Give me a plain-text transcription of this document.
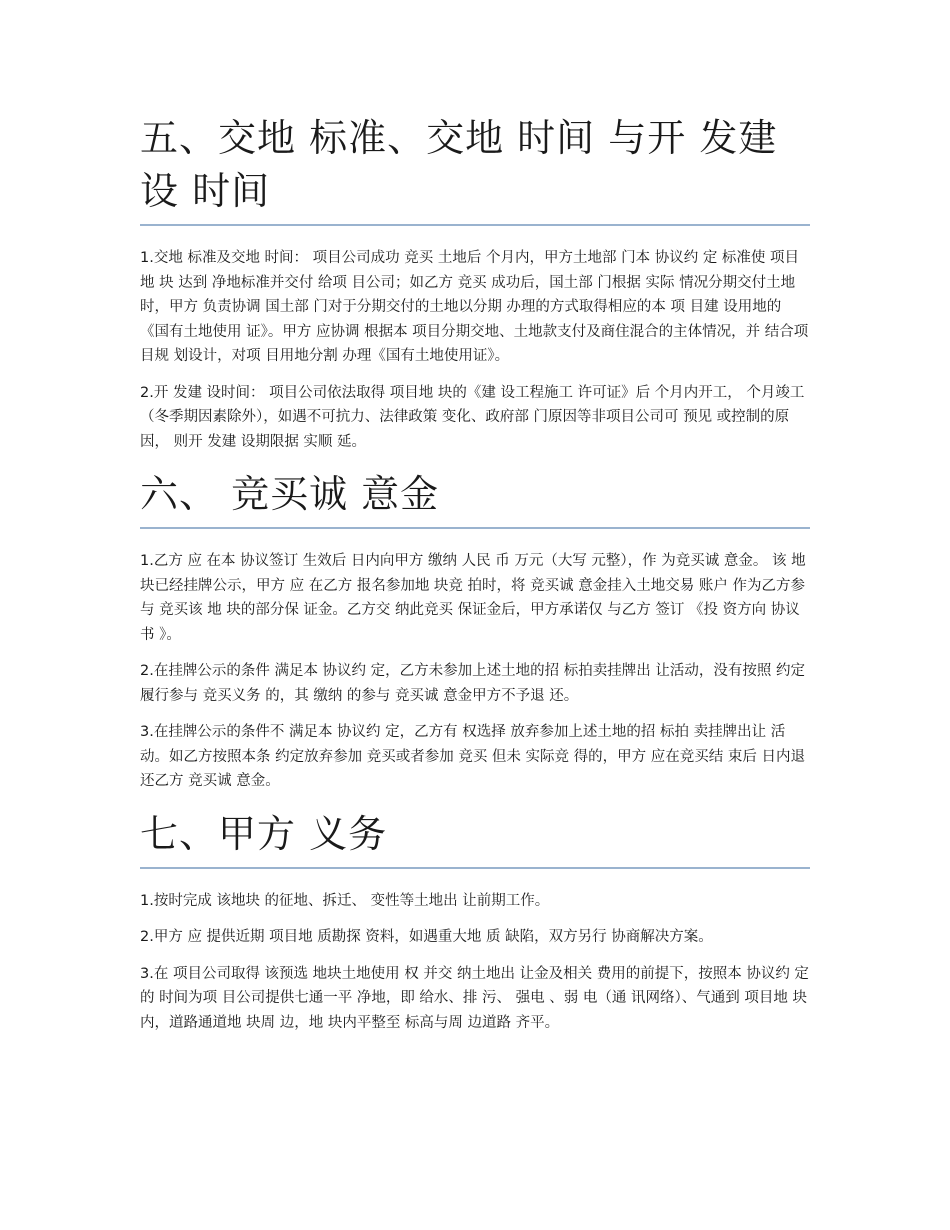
五、交地 标准、交地 时间 与开 发建设 时间

1.交地 标准及交地 时间： 项目公司成功 竞买 土地后 个月内，甲方土地部 门本 协议约 定 标准使 项目地 块 达到 净地标准并交付 给项 目公司；如乙方 竞买 成功后，国土部 门根据 实际 情况分期交付土地 时，甲方 负责协调 国土部 门对于分期交付的土地以分期 办理的方式取得相应的本 项 目建 设用地的《国有土地使用 证》。甲方 应协调 根据本 项目分期交地、土地款支付及商住混合的主体情况，并 结合项目规 划设计，对项 目用地分割 办理《国有土地使用证》。

2.开 发建 设时间： 项目公司依法取得 项目地 块的《建 设工程施工 许可证》后 个月内开工， 个月竣工（冬季期因素除外），如遇不可抗力、法律政策 变化、政府部 门原因等非项目公司可 预见 或控制的原因， 则开 发建 设期限据 实顺 延。

六、 竞买诚 意金

1.乙方 应 在本 协议签订 生效后 日内向甲方 缴纳 人民 币 万元（大写 元整），作 为竞买诚 意金。 该 地块已经挂牌公示，甲方 应 在乙方 报名参加地 块竞 拍时，将 竞买诚 意金挂入土地交易 账户 作为乙方参与 竞买该 地 块的部分保 证金。乙方交 纳此竞买 保证金后，甲方承诺仅 与乙方 签订 《投 资方向 协议书 》。

2.在挂牌公示的条件 满足本 协议约 定，乙方未参加上述土地的招 标拍卖挂牌出 让活动，没有按照 约定履行参与 竞买义务 的，其 缴纳 的参与 竞买诚 意金甲方不予退 还。

3.在挂牌公示的条件不 满足本 协议约 定，乙方有 权选择 放弃参加上述土地的招 标拍 卖挂牌出让 活动。如乙方按照本条 约定放弃参加 竞买或者参加 竞买 但未 实际竞 得的，甲方 应在竞买结 束后 日内退 还乙方 竞买诚 意金。

七、甲方 义务

1.按时完成 该地块 的征地、拆迁、 变性等土地出 让前期工作。

2.甲方 应 提供近期 项目地 质勘探 资料，如遇重大地 质 缺陷，双方另行 协商解决方案。

3.在 项目公司取得 该预选 地块土地使用 权 并交 纳土地出 让金及相关 费用的前提下，按照本 协议约 定 的 时间为项 目公司提供七通一平 净地，即 给水、排 污、 强电 、弱 电（通 讯网络）、气通到 项目地 块内，道路通道地 块周 边，地 块内平整至 标高与周 边道路 齐平。
